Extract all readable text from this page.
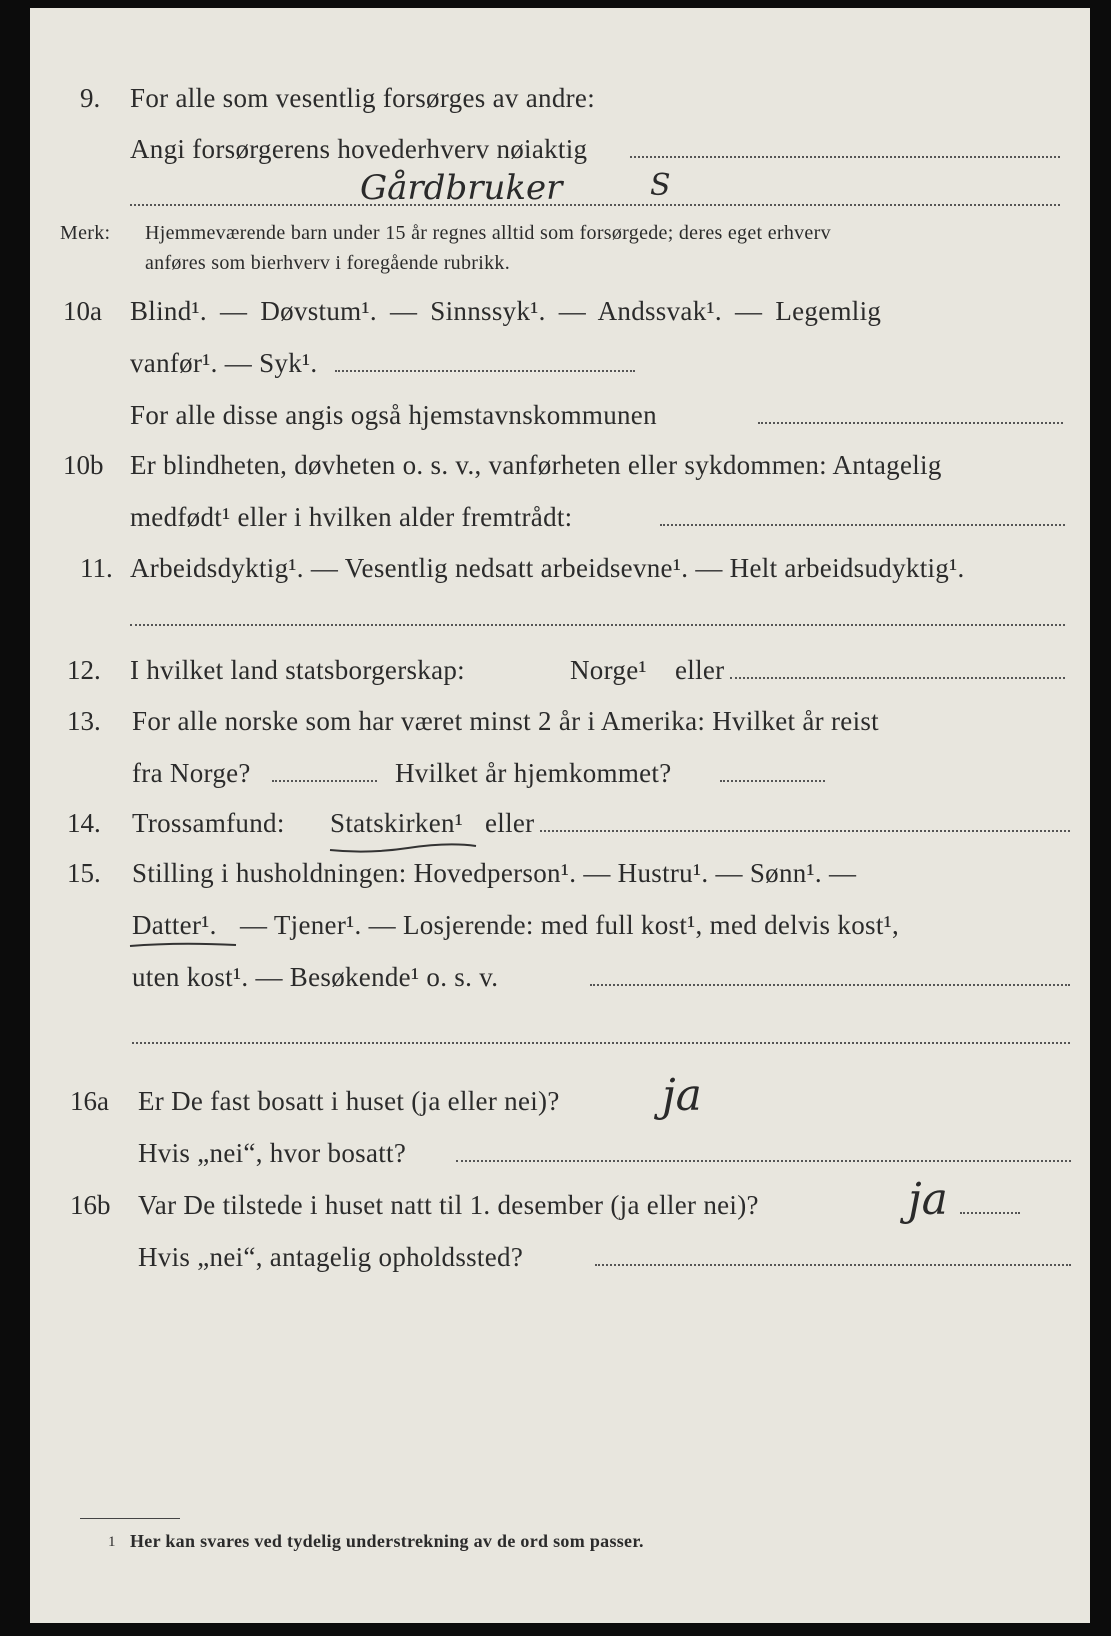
9. For alle som vesentlig forsørges av andre:
Angi forsørgerens hovederhverv nøiaktig
Gårdbruker	S
Merk: Hjemmeværende barn under 15 år regnes alltid som forsørgede; deres eget erhverv
anføres som bierhverv i foregående rubrikk.
10a Blind¹. — Døvstum¹. — Sinnssyk¹. — Andssvak¹. — Legemlig
vanfør¹. — Syk¹.
For alle disse angis også hjemstavnskommunen
10b Er blindheten, døvheten o. s. v., vanførheten eller sykdommen: Antagelig
medfødt¹ eller i hvilken alder fremtrådt:
11. Arbeidsdyktig¹. — Vesentlig nedsatt arbeidsevne¹. — Helt arbeidsudyktig¹.
12. I hvilket land statsborgerskap:	Norge¹ eller
13. For alle norske som har været minst 2 år i Amerika: Hvilket år reist
fra Norge?	Hvilket år hjemkommet?
14. Trossamfund: Statskirken¹ eller
15. Stilling i husholdningen: Hovedperson¹. — Hustru¹. — Sønn¹. —
Datter¹. — Tjener¹. — Losjerende: med full kost¹, med delvis kost¹,
uten kost¹. — Besøkende¹ o. s. v.
16a Er De fast bosatt i huset (ja eller nei)? ja
Hvis „nei“, hvor bosatt?
16b Var De tilstede i huset natt til 1. desember (ja eller nei)?	ja
Hvis „nei“, antagelig opholdssted?
1 Her kan svares ved tydelig understrekning av de ord som passer.
